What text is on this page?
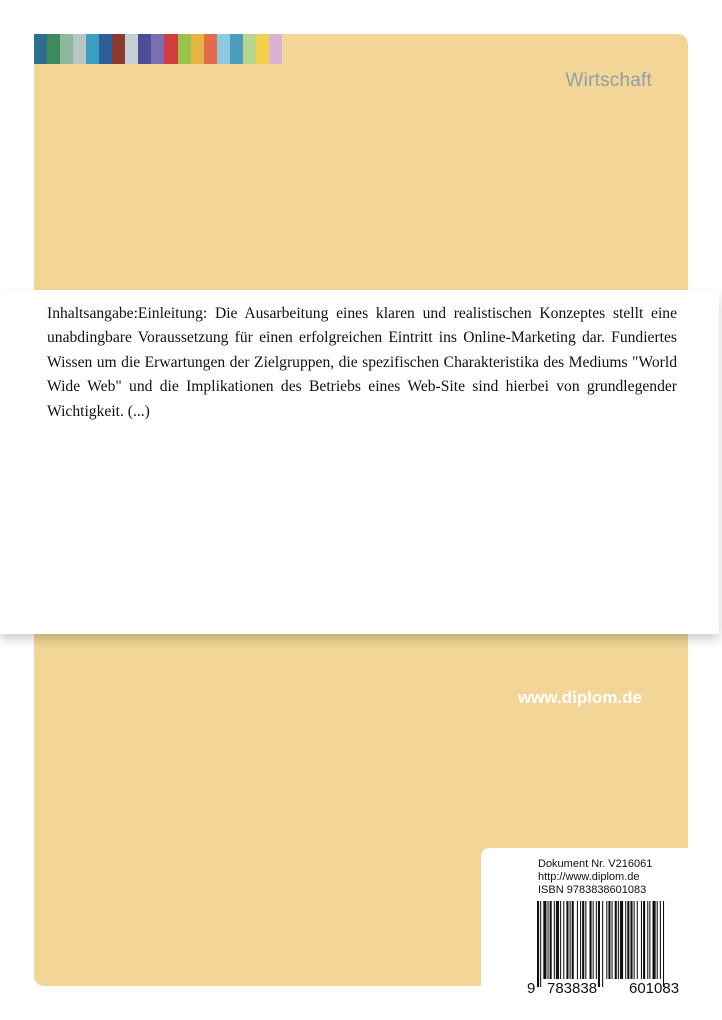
Wirtschaft

www.diplom.de

Dokument Nr. V216061

http://www.diplom.de

ISBN 9783838601083

9 783838 601083

Inhaltsangabe:Einleitung: Die Ausarbeitung eines klaren und realistischen Konzeptes stellt eine unabdingbare Voraussetzung für einen erfolgreichen Eintritt ins Online-Marketing dar. Fundiertes Wissen um die Erwartungen der Zielgruppen, die spezifischen Charakteristika des Mediums "World Wide Web" und die Implikationen des Betriebs eines Web-Site sind hierbei von grundlegender Wichtigkeit. (...)
